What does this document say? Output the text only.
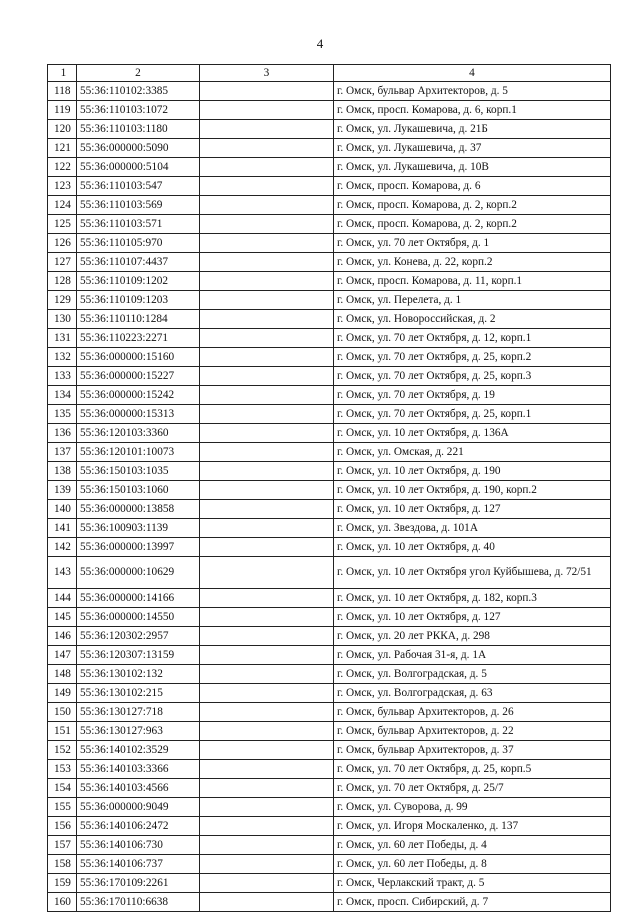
4
1	2	3	4
118	55:36:110102:3385		г. Омск, бульвар Архитекторов, д. 5
119	55:36:110103:1072		г. Омск, просп. Комарова, д. 6, корп.1
120	55:36:110103:1180		г. Омск, ул. Лукашевича, д. 21Б
121	55:36:000000:5090		г. Омск, ул. Лукашевича, д. 37
122	55:36:000000:5104		г. Омск, ул. Лукашевича, д. 10В
123	55:36:110103:547		г. Омск, просп. Комарова, д. 6
124	55:36:110103:569		г. Омск, просп. Комарова, д. 2, корп.2
125	55:36:110103:571		г. Омск, просп. Комарова, д. 2, корп.2
126	55:36:110105:970		г. Омск, ул. 70 лет Октября, д. 1
127	55:36:110107:4437		г. Омск, ул. Конева, д. 22, корп.2
128	55:36:110109:1202		г. Омск, просп. Комарова, д. 11, корп.1
129	55:36:110109:1203		г. Омск, ул. Перелета, д. 1
130	55:36:110110:1284		г. Омск, ул. Новороссийская, д. 2
131	55:36:110223:2271		г. Омск, ул. 70 лет Октября, д. 12, корп.1
132	55:36:000000:15160		г. Омск, ул. 70 лет Октября, д. 25, корп.2
133	55:36:000000:15227		г. Омск, ул. 70 лет Октября, д. 25, корп.3
134	55:36:000000:15242		г. Омск, ул. 70 лет Октября, д. 19
135	55:36:000000:15313		г. Омск, ул. 70 лет Октября, д. 25, корп.1
136	55:36:120103:3360		г. Омск, ул. 10 лет Октября, д. 136А
137	55:36:120101:10073		г. Омск, ул. Омская, д. 221
138	55:36:150103:1035		г. Омск, ул. 10 лет Октября, д. 190
139	55:36:150103:1060		г. Омск, ул. 10 лет Октября, д. 190, корп.2
140	55:36:000000:13858		г. Омск, ул. 10 лет Октября, д. 127
141	55:36:100903:1139		г. Омск, ул. Звездова, д. 101А
142	55:36:000000:13997		г. Омск, ул. 10 лет Октября, д. 40
143	55:36:000000:10629		г. Омск, ул. 10 лет Октября угол Куйбышева, д. 72/51
144	55:36:000000:14166		г. Омск, ул. 10 лет Октября, д. 182, корп.3
145	55:36:000000:14550		г. Омск, ул. 10 лет Октября, д. 127
146	55:36:120302:2957		г. Омск, ул. 20 лет РККА, д. 298
147	55:36:120307:13159		г. Омск, ул. Рабочая 31-я, д. 1А
148	55:36:130102:132		г. Омск, ул. Волгоградская, д. 5
149	55:36:130102:215		г. Омск, ул. Волгоградская, д. 63
150	55:36:130127:718		г. Омск, бульвар Архитекторов, д. 26
151	55:36:130127:963		г. Омск, бульвар Архитекторов, д. 22
152	55:36:140102:3529		г. Омск, бульвар Архитекторов, д. 37
153	55:36:140103:3366		г. Омск, ул. 70 лет Октября, д. 25, корп.5
154	55:36:140103:4566		г. Омск, ул. 70 лет Октября, д. 25/7
155	55:36:000000:9049		г. Омск, ул. Суворова, д. 99
156	55:36:140106:2472		г. Омск, ул. Игоря Москаленко, д. 137
157	55:36:140106:730		г. Омск, ул. 60 лет Победы, д. 4
158	55:36:140106:737		г. Омск, ул. 60 лет Победы, д. 8
159	55:36:170109:2261		г. Омск, Черлакский тракт, д. 5
160	55:36:170110:6638		г. Омск, просп. Сибирский, д. 7
